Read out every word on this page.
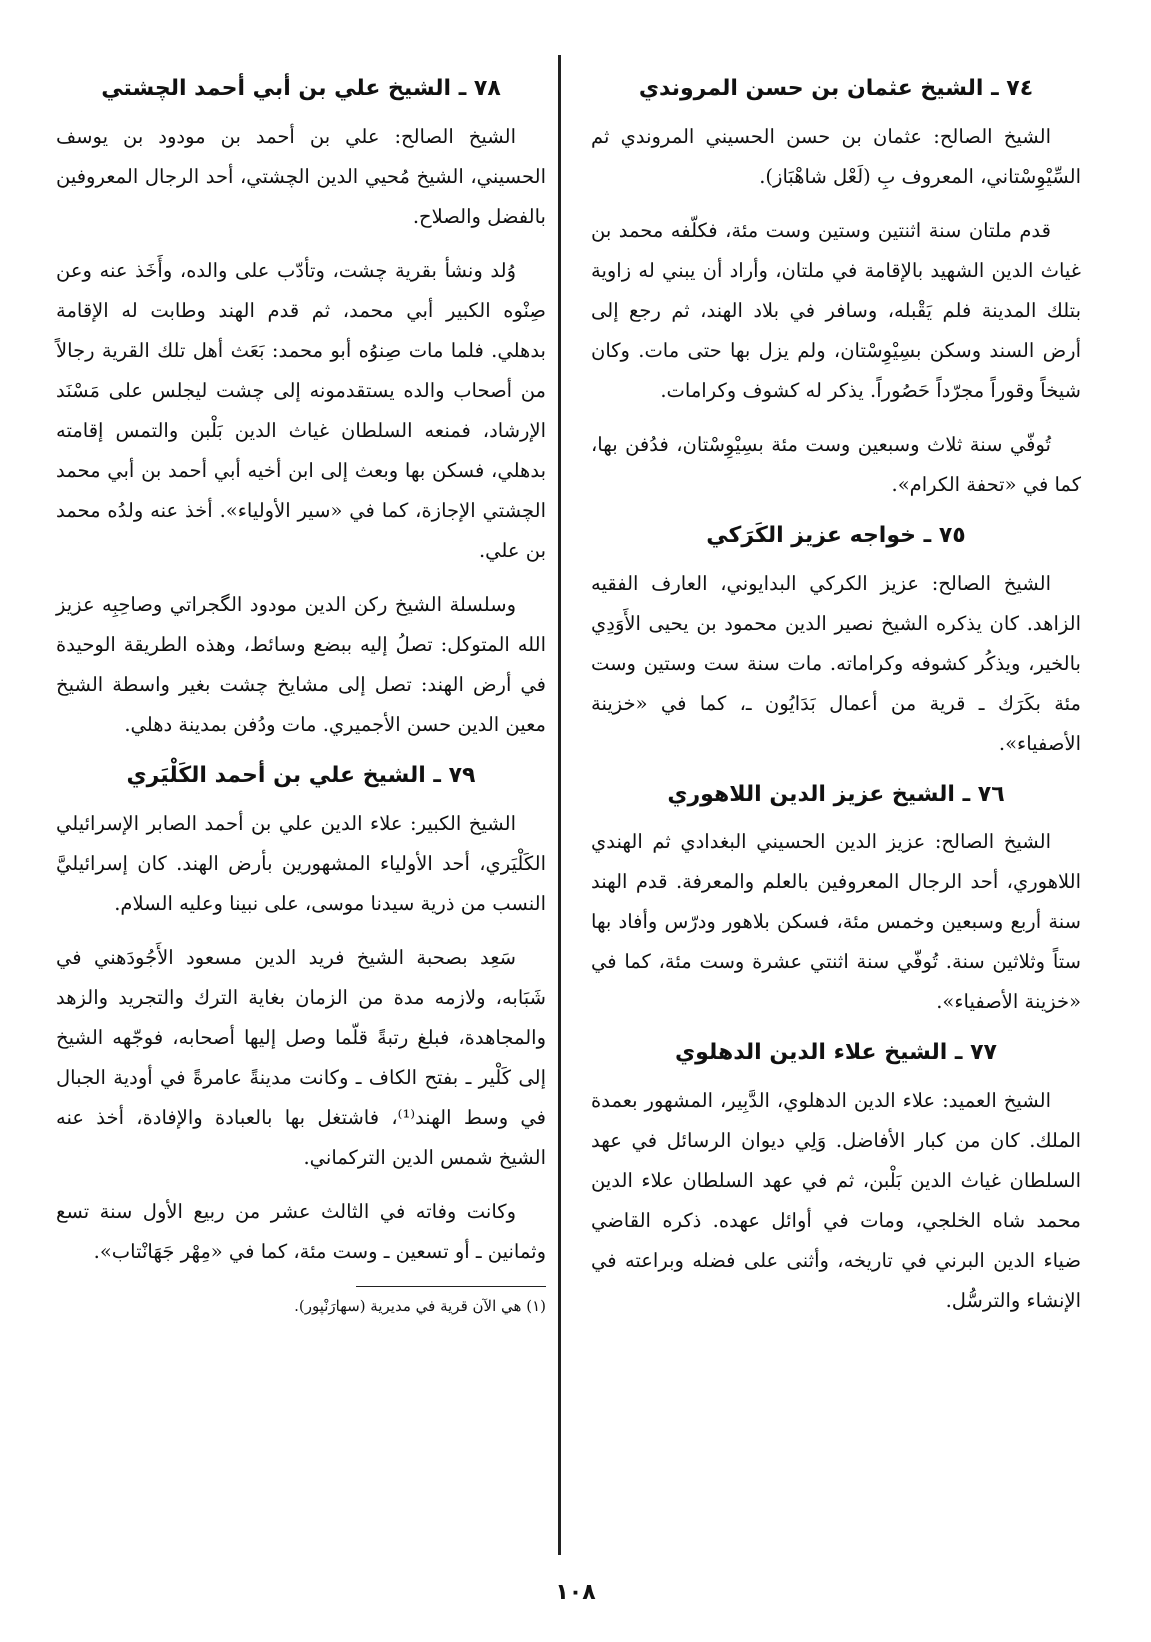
٧٤ ـ الشيخ عثمان بن حسن المروندي

الشيخ الصالح: عثمان بن حسن الحسيني المروندي ثم السِّيْوِسْتاني، المعروف بِ (لَعْل شاهْبَاز).

قدم ملتان سنة اثنتين وستين وست مئة، فكلّفه محمد بن غياث الدين الشهيد بالإقامة في ملتان، وأراد أن يبني له زاوية بتلك المدينة فلم يَقْبله، وسافر في بلاد الهند، ثم رجع إلى أرض السند وسكن بسِيْوِسْتان، ولم يزل بها حتى مات. وكان شيخاً وقوراً مجرّداً حَصُوراً. يذكر له كشوف وكرامات.

تُوفّي سنة ثلاث وسبعين وست مئة بسِيْوِسْتان، فدُفن بها، كما في «تحفة الكرام».

٧٥ ـ خواجه عزيز الكَرَكي

الشيخ الصالح: عزيز الكركي البدايوني، العارف الفقيه الزاهد. كان يذكره الشيخ نصير الدين محمود بن يحيى الأَوَدِي بالخير، ويذكُر كشوفه وكراماته. مات سنة ست وستين وست مئة بكَرَك ـ قرية من أعمال بَدَايُون ـ، كما في «خزينة الأصفياء».

٧٦ ـ الشيخ عزيز الدين اللاهوري

الشيخ الصالح: عزيز الدين الحسيني البغدادي ثم الهندي اللاهوري، أحد الرجال المعروفين بالعلم والمعرفة. قدم الهند سنة أربع وسبعين وخمس مئة، فسكن بلاهور ودرّس وأفاد بها ستاً وثلاثين سنة. تُوفّي سنة اثنتي عشرة وست مئة، كما في «خزينة الأصفياء».

٧٧ ـ الشيخ علاء الدين الدهلوي

الشيخ العميد: علاء الدين الدهلوي، الدَّبِير، المشهور بعمدة الملك. كان من كبار الأفاضل. وَلِي ديوان الرسائل في عهد السلطان غياث الدين بَلْبن، ثم في عهد السلطان علاء الدين محمد شاه الخلجي، ومات في أوائل عهده. ذكره القاضي ضياء الدين البرني في تاريخه، وأثنى على فضله وبراعته في الإنشاء والترسُّل.

٧٨ ـ الشيخ علي بن أبي أحمد الچشتي

الشيخ الصالح: علي بن أحمد بن مودود بن يوسف الحسيني، الشيخ مُحيي الدين الچشتي، أحد الرجال المعروفين بالفضل والصلاح.

وُلد ونشأ بقرية چشت، وتأدّب على والده، وأَخَذ عنه وعن صِنْوه الكبير أبي محمد، ثم قدم الهند وطابت له الإقامة بدهلي. فلما مات صِنوُه أبو محمد: بَعَث أهل تلك القرية رجالاً من أصحاب والده يستقدمونه إلى چشت ليجلس على مَسْنَد الإرشاد، فمنعه السلطان غياث الدين بَلْبن والتمس إقامته بدهلي، فسكن بها وبعث إلى ابن أخيه أبي أحمد بن أبي محمد الچشتي الإجازة، كما في «سير الأولياء». أخذ عنه ولدُه محمد بن علي.

وسلسلة الشيخ ركن الدين مودود الگجراتي وصاحِبِه عزيز الله المتوكل: تصلُ إليه ببضع وسائط، وهذه الطريقة الوحيدة في أرض الهند: تصل إلى مشايخ چشت بغير واسطة الشيخ معين الدين حسن الأجميري. مات ودُفن بمدينة دهلي.

٧٩ ـ الشيخ علي بن أحمد الكَلْيَري

الشيخ الكبير: علاء الدين علي بن أحمد الصابر الإسرائيلي الكَلْيَري، أحد الأولياء المشهورين بأرض الهند. كان إسرائيليَّ النسب من ذرية سيدنا موسى، على نبينا وعليه السلام.

سَعِد بصحبة الشيخ فريد الدين مسعود الأَجُودَهني في شَبَابه، ولازمه مدة من الزمان بغاية الترك والتجريد والزهد والمجاهدة، فبلغ رتبةً قلّما وصل إليها أصحابه، فوجّهه الشيخ إلى كَلْير ـ بفتح الكاف ـ وكانت مدينةً عامرةً في أودية الجبال في وسط الهند⁽¹⁾، فاشتغل بها بالعبادة والإفادة، أخذ عنه الشيخ شمس الدين التركماني.

وكانت وفاته في الثالث عشر من ربيع الأول سنة تسع وثمانين ـ أو تسعين ـ وست مئة، كما في «مِهْر جَهَانْتاب».

(١) هي الآن قرية في مديرية (سهارَنْپور).

١٠٨
